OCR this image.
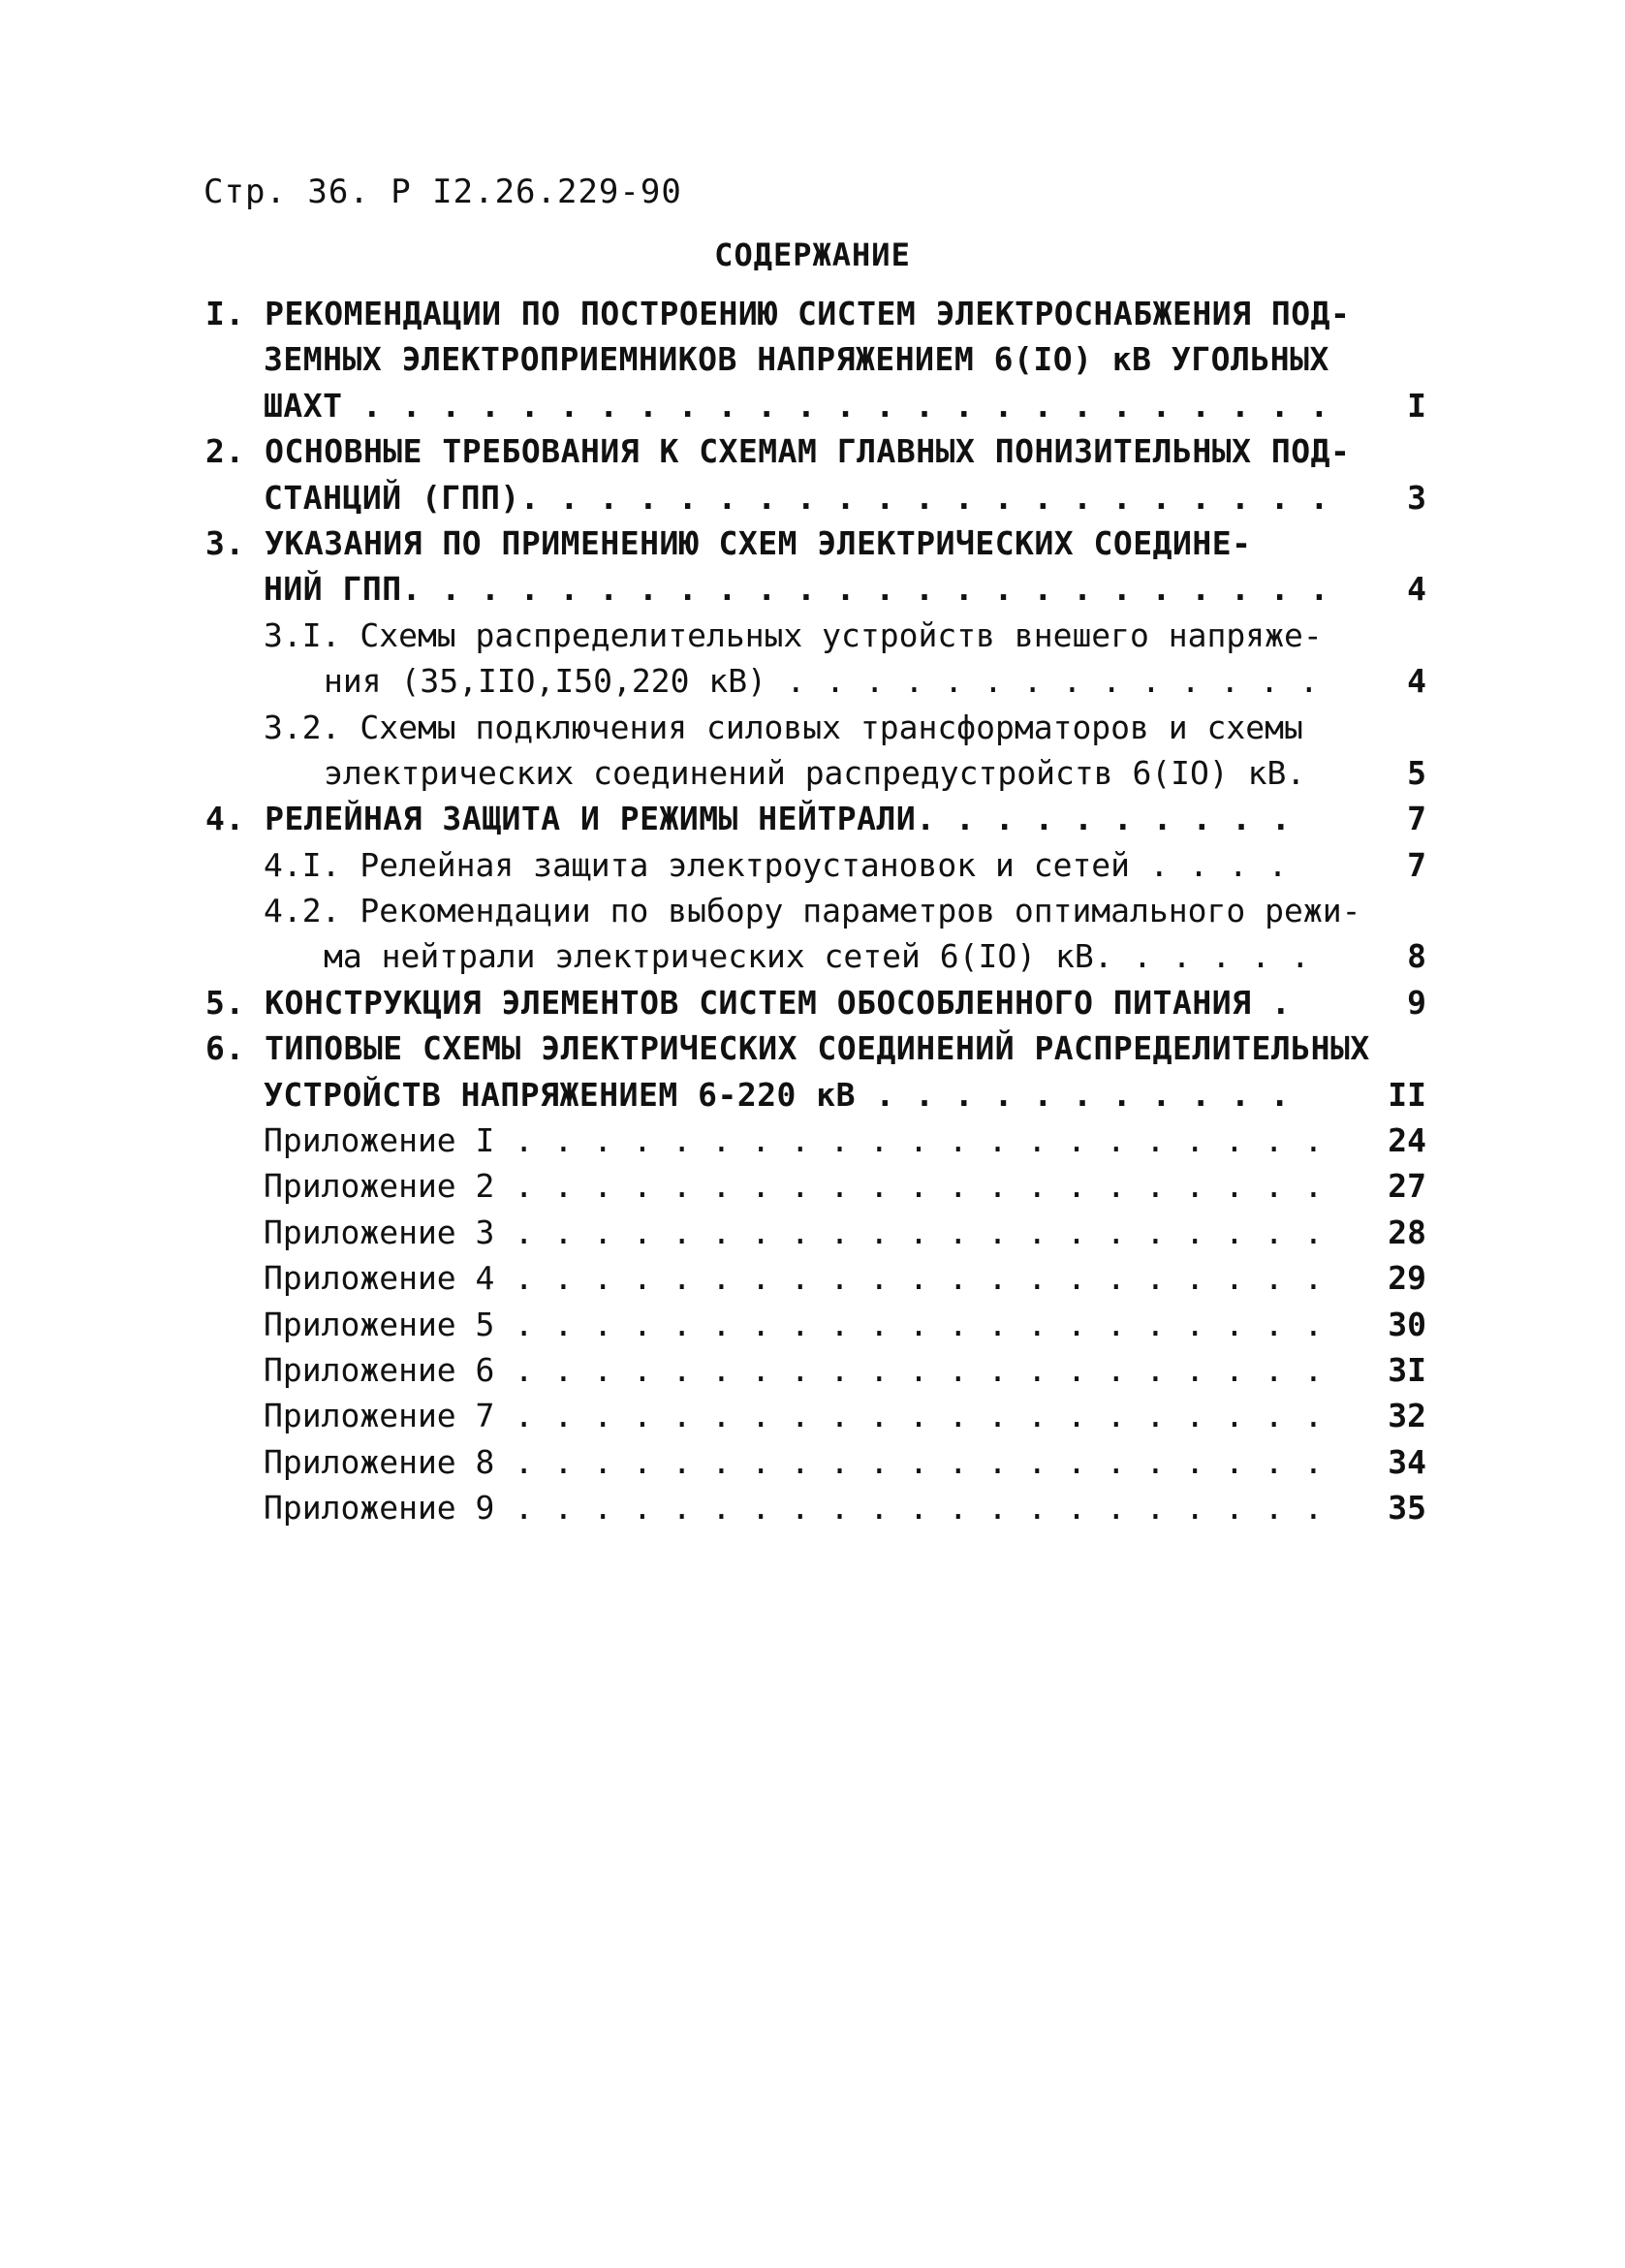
Стр. 36. Р I2.26.229-90
СОДЕРЖАНИЕ
I. РЕКОМЕНДАЦИИ ПО ПОСТРОЕНИЮ СИСТЕМ ЭЛЕКТРОСНАБЖЕНИЯ ПОД-
ЗЕМНЫХ ЭЛЕКТРОПРИЕМНИКОВ НАПРЯЖЕНИЕМ 6(IO) кВ УГОЛЬНЫХ
ШАХТ . . . . . . . . . . . . . . . . . . . . . . . . .	I
2. ОСНОВНЫЕ ТРЕБОВАНИЯ К СХЕМАМ ГЛАВНЫХ ПОНИЗИТЕЛЬНЫХ ПОД-
СТАНЦИЙ (ГПП). . . . . . . . . . . . . . . . . . . . .	3
3. УКАЗАНИЯ ПО ПРИМЕНЕНИЮ СХЕМ ЭЛЕКТРИЧЕСКИХ СОЕДИНЕ-
НИЙ ГПП. . . . . . . . . . . . . . . . . . . . . . . .	4
3.I. Схемы распределительных устройств внешего напряже-
ния (35,IIO,I50,220 кВ) . . . . . . . . . . . . . .	4
3.2. Схемы подключения силовых трансформаторов и схемы
электрических соединений распредустройств 6(IO) кВ.	5
4. РЕЛЕЙНАЯ ЗАЩИТА И РЕЖИМЫ НЕЙТРАЛИ. . . . . . . . . .	7
4.I. Релейная защита электроустановок и сетей . . . .	7
4.2. Рекомендации по выбору параметров оптимального режи-
ма нейтрали электрических сетей 6(IO) кВ. . . . . .	8
5. КОНСТРУКЦИЯ ЭЛЕМЕНТОВ СИСТЕМ ОБОСОБЛЕННОГО ПИТАНИЯ .	9
6. ТИПОВЫЕ СХЕМЫ ЭЛЕКТРИЧЕСКИХ СОЕДИНЕНИЙ РАСПРЕДЕЛИТЕЛЬНЫХ
УСТРОЙСТВ НАПРЯЖЕНИЕМ 6-220 кВ . . . . . . . . . . .	II
Приложение I . . . . . . . . . . . . . . . . . . . . .	24
Приложение 2 . . . . . . . . . . . . . . . . . . . . .	27
Приложение 3 . . . . . . . . . . . . . . . . . . . . .	28
Приложение 4 . . . . . . . . . . . . . . . . . . . . .	29
Приложение 5 . . . . . . . . . . . . . . . . . . . . .	30
Приложение 6 . . . . . . . . . . . . . . . . . . . . .	3I
Приложение 7 . . . . . . . . . . . . . . . . . . . . .	32
Приложение 8 . . . . . . . . . . . . . . . . . . . . .	34
Приложение 9 . . . . . . . . . . . . . . . . . . . . .	35
